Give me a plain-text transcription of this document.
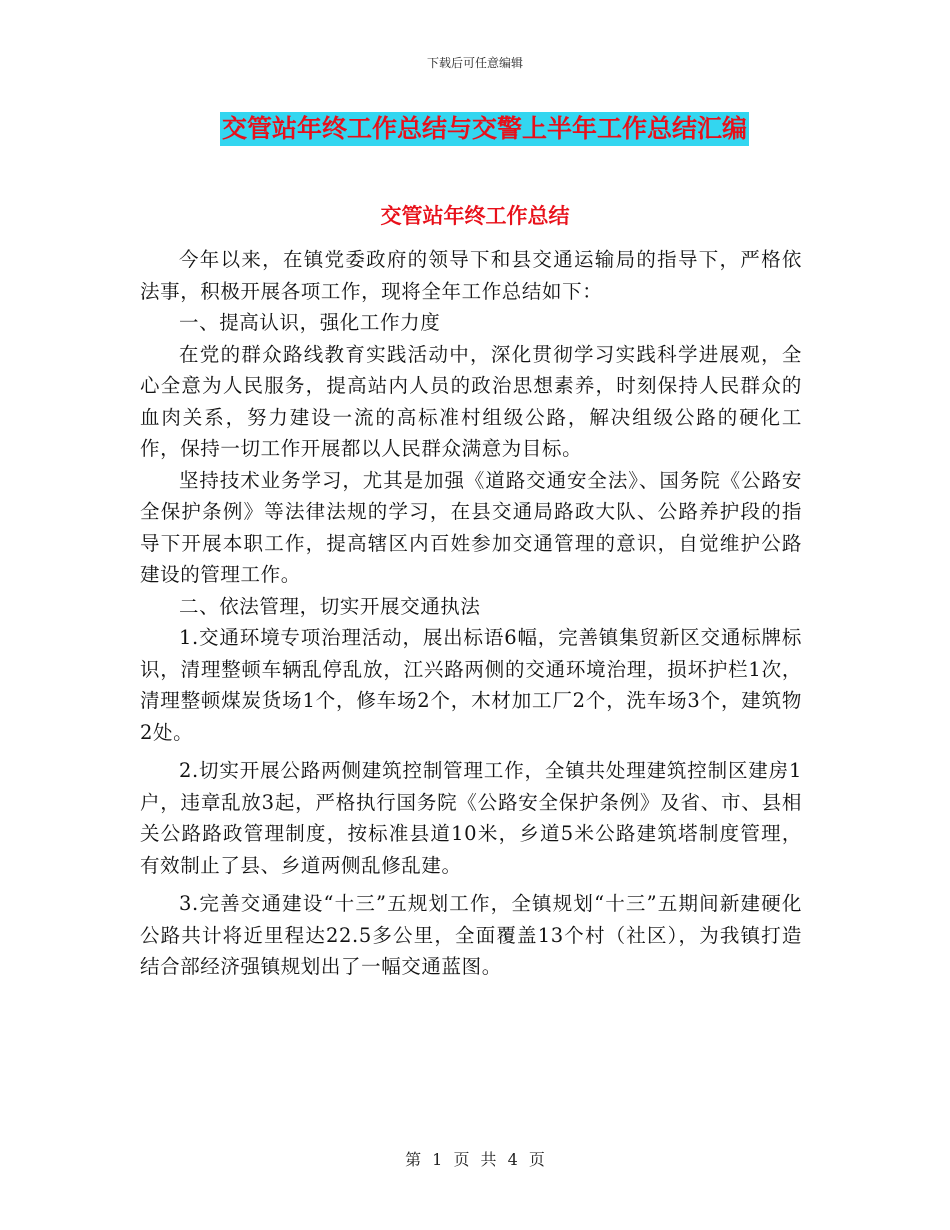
下载后可任意编辑
交管站年终工作总结与交警上半年工作总结汇编
交管站年终工作总结

今年以来，在镇党委政府的领导下和县交通运输局的指导下，严格依法事，积极开展各项工作，现将全年工作总结如下：

一、提高认识，强化工作力度

在党的群众路线教育实践活动中，深化贯彻学习实践科学进展观，全心全意为人民服务，提高站内人员的政治思想素养，时刻保持人民群众的血肉关系，努力建设一流的高标准村组级公路，解决组级公路的硬化工作，保持一切工作开展都以人民群众满意为目标。

坚持技术业务学习，尤其是加强《道路交通安全法》、国务院《公路安全保护条例》等法律法规的学习，在县交通局路政大队、公路养护段的指导下开展本职工作，提高辖区内百姓参加交通管理的意识，自觉维护公路建设的管理工作。

二、依法管理，切实开展交通执法

1.交通环境专项治理活动，展出标语6幅，完善镇集贸新区交通标牌标识，清理整顿车辆乱停乱放，江兴路两侧的交通环境治理，损坏护栏1次，清理整顿煤炭货场1个，修车场2个，木材加工厂2个，洗车场3个，建筑物2处。

2.切实开展公路两侧建筑控制管理工作，全镇共处理建筑控制区建房1户，违章乱放3起，严格执行国务院《公路安全保护条例》及省、市、县相关公路路政管理制度，按标准县道10米，乡道5米公路建筑塔制度管理，有效制止了县、乡道两侧乱修乱建。

3.完善交通建设“十三”五规划工作，全镇规划“十三”五期间新建硬化公路共计将近里程达22.5多公里，全面覆盖13个村（社区），为我镇打造结合部经济强镇规划出了一幅交通蓝图。

第 1 页 共 4 页
